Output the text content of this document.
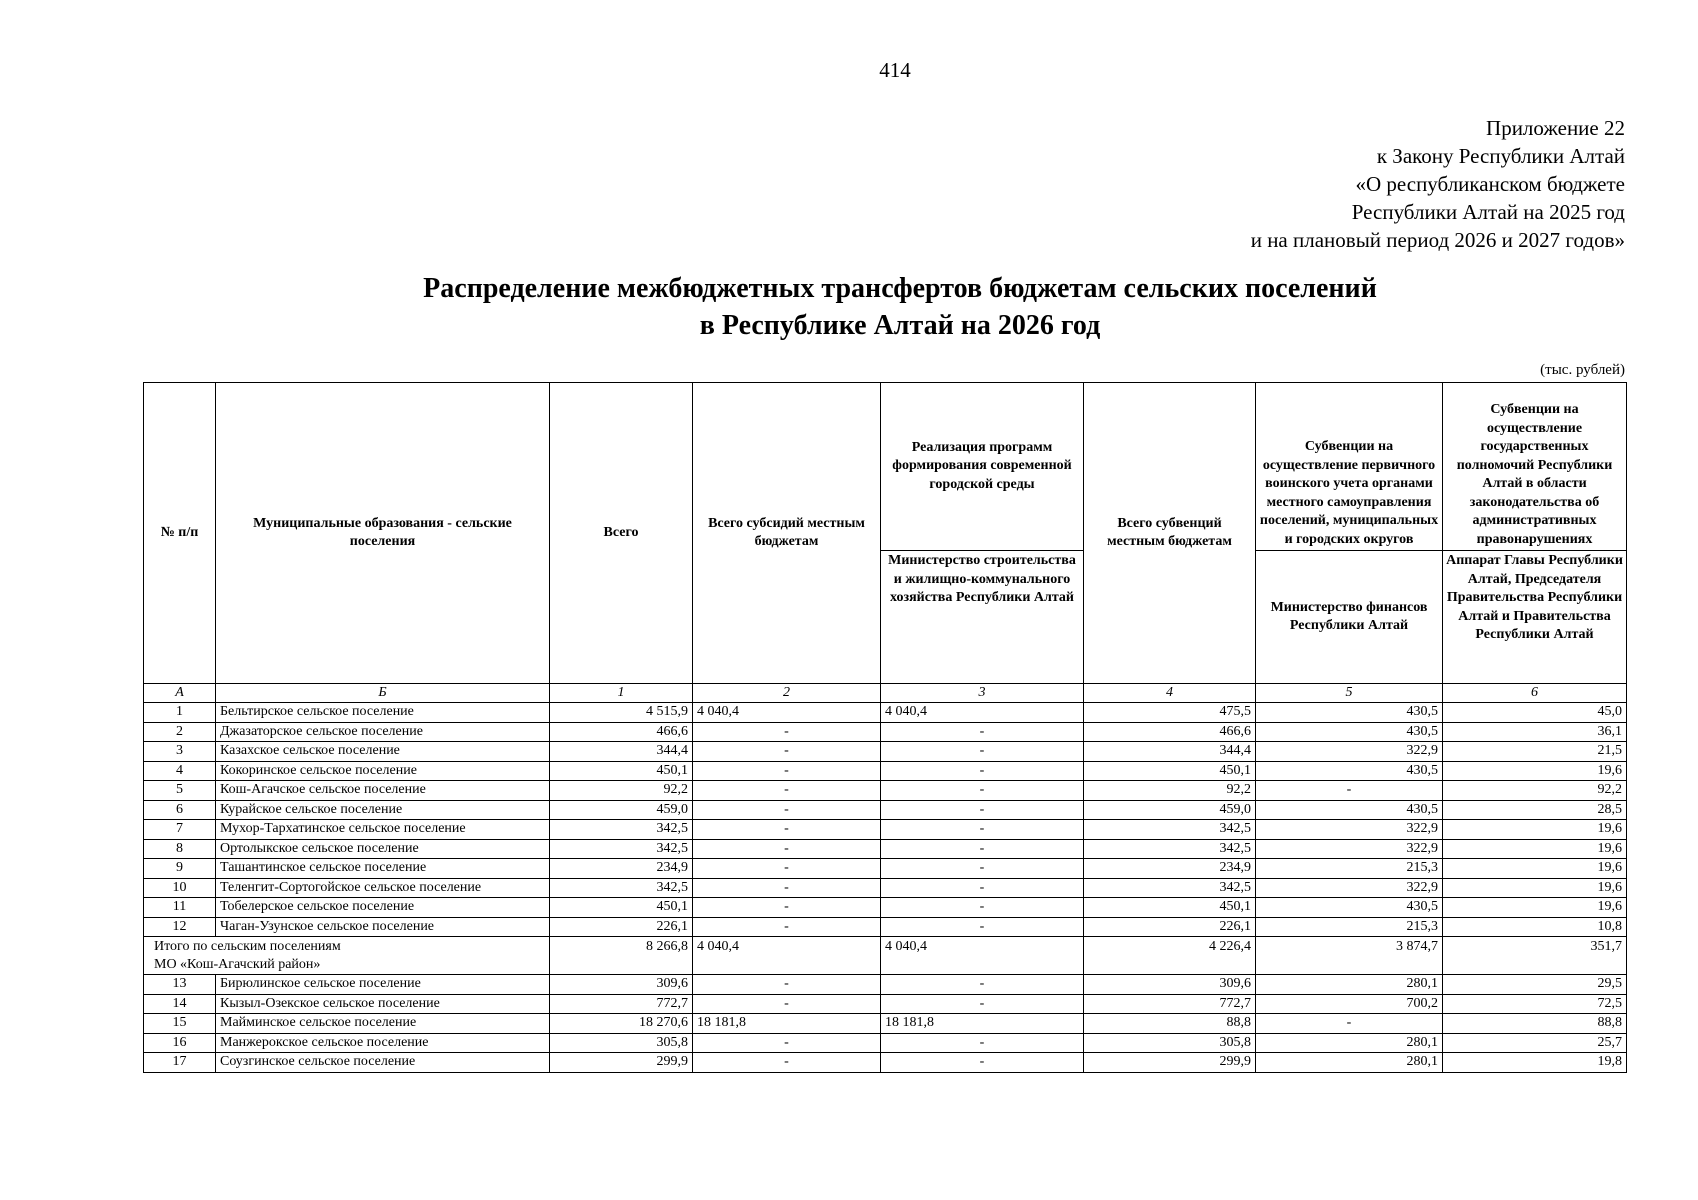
414
Приложение 22
к Закону Республики Алтай
«О республиканском бюджете
Республики Алтай на 2025 год
и на плановый период 2026 и 2027 годов»
Распределение межбюджетных трансфертов бюджетам сельских поселений
в Республике Алтай на 2026 год
(тыс. рублей)
№ п/п	Муниципальные образования - сельские поселения	Всего	Всего субсидий местным бюджетам	Реализация программ формирования современной городской среды	Всего субвенций местным бюджетам	Субвенции на осуществление первичного воинского учета органами местного самоуправления поселений, муниципальных и городских округов	Субвенции на осуществление государственных полномочий Республики Алтай в области законодательства об административных правонарушениях
				Министерство строительства и жилищно-коммунального хозяйства Республики Алтай		Министерство финансов Республики Алтай	Аппарат Главы Республики Алтай, Председателя Правительства Республики Алтай и Правительства Республики Алтай
А	Б	1	2	3	4	5	6
1	Бельтирское сельское поселение	4 515,9	4 040,4	4 040,4	475,5	430,5	45,0
2	Джазаторское сельское поселение	466,6	-	-	466,6	430,5	36,1
3	Казахское сельское поселение	344,4	-	-	344,4	322,9	21,5
4	Кокоринское сельское поселение	450,1	-	-	450,1	430,5	19,6
5	Кош-Агачское сельское поселение	92,2	-	-	92,2	-	92,2
6	Курайское сельское поселение	459,0	-	-	459,0	430,5	28,5
7	Мухор-Тархатинское сельское поселение	342,5	-	-	342,5	322,9	19,6
8	Ортолыкское сельское поселение	342,5	-	-	342,5	322,9	19,6
9	Ташантинское сельское поселение	234,9	-	-	234,9	215,3	19,6
10	Теленгит-Сортогойское сельское поселение	342,5	-	-	342,5	322,9	19,6
11	Тобелерское сельское поселение	450,1	-	-	450,1	430,5	19,6
12	Чаган-Узунское сельское поселение	226,1	-	-	226,1	215,3	10,8

Итого по сельским поселениям
МО «Кош-Агачский район»		8 266,8	4 040,4	4 040,4	4 226,4	3 874,7	351,7
13	Бирюлинское сельское поселение	309,6	-	-	309,6	280,1	29,5
14	Кызыл-Озекское сельское поселение	772,7	-	-	772,7	700,2	72,5
15	Майминское сельское поселение	18 270,6	18 181,8	18 181,8	88,8	-	88,8
16	Манжерокское сельское поселение	305,8	-	-	305,8	280,1	25,7
17	Соузгинское сельское поселение	299,9	-	-	299,9	280,1	19,8
